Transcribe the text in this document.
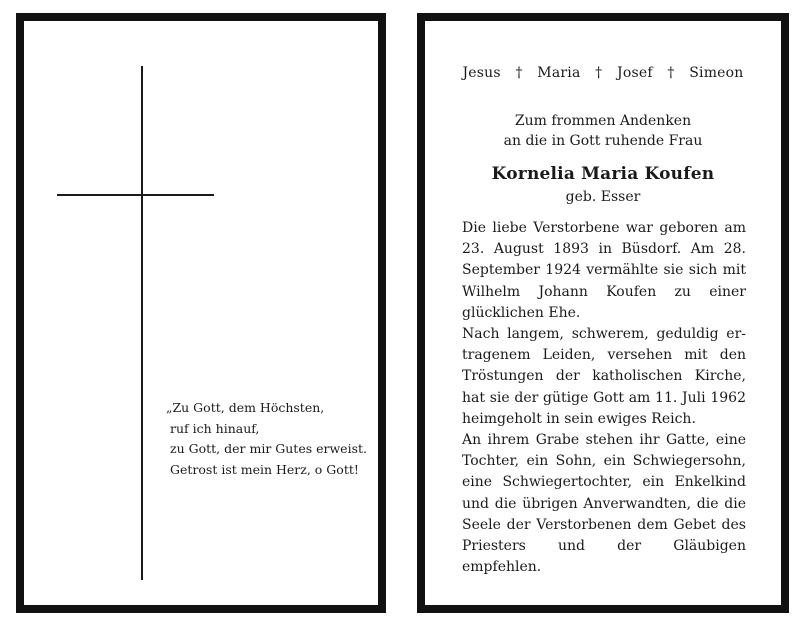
„Zu Gott, dem Höchsten,
ruf ich hinauf,
zu Gott, der mir Gutes erweist.
Getrost ist mein Herz, o Gott!
Jesus † Maria † Josef † Simeon
Zum frommen Andenken
an die in Gott ruhende Frau
Kornelia Maria Koufen
geb. Esser

Die liebe Verstorbene war geboren am 23. August 1893 in Büsdorf. Am 28. September 1924 vermählte sie sich mit Wilhelm Johann Koufen zu einer glücklichen Ehe.

Nach langem, schwerem, geduldig ertragenem Leiden, versehen mit den Tröstungen der katholischen Kirche, hat sie der gütige Gott am 11. Juli 1962 heimgeholt in sein ewiges Reich.

An ihrem Grabe stehen ihr Gatte, eine Tochter, ein Sohn, ein Schwiegersohn, eine Schwiegertochter, ein Enkelkind und die übrigen Anverwandten, die die Seele der Verstorbenen dem Gebet des Priesters und der Gläubigen empfehlen.
